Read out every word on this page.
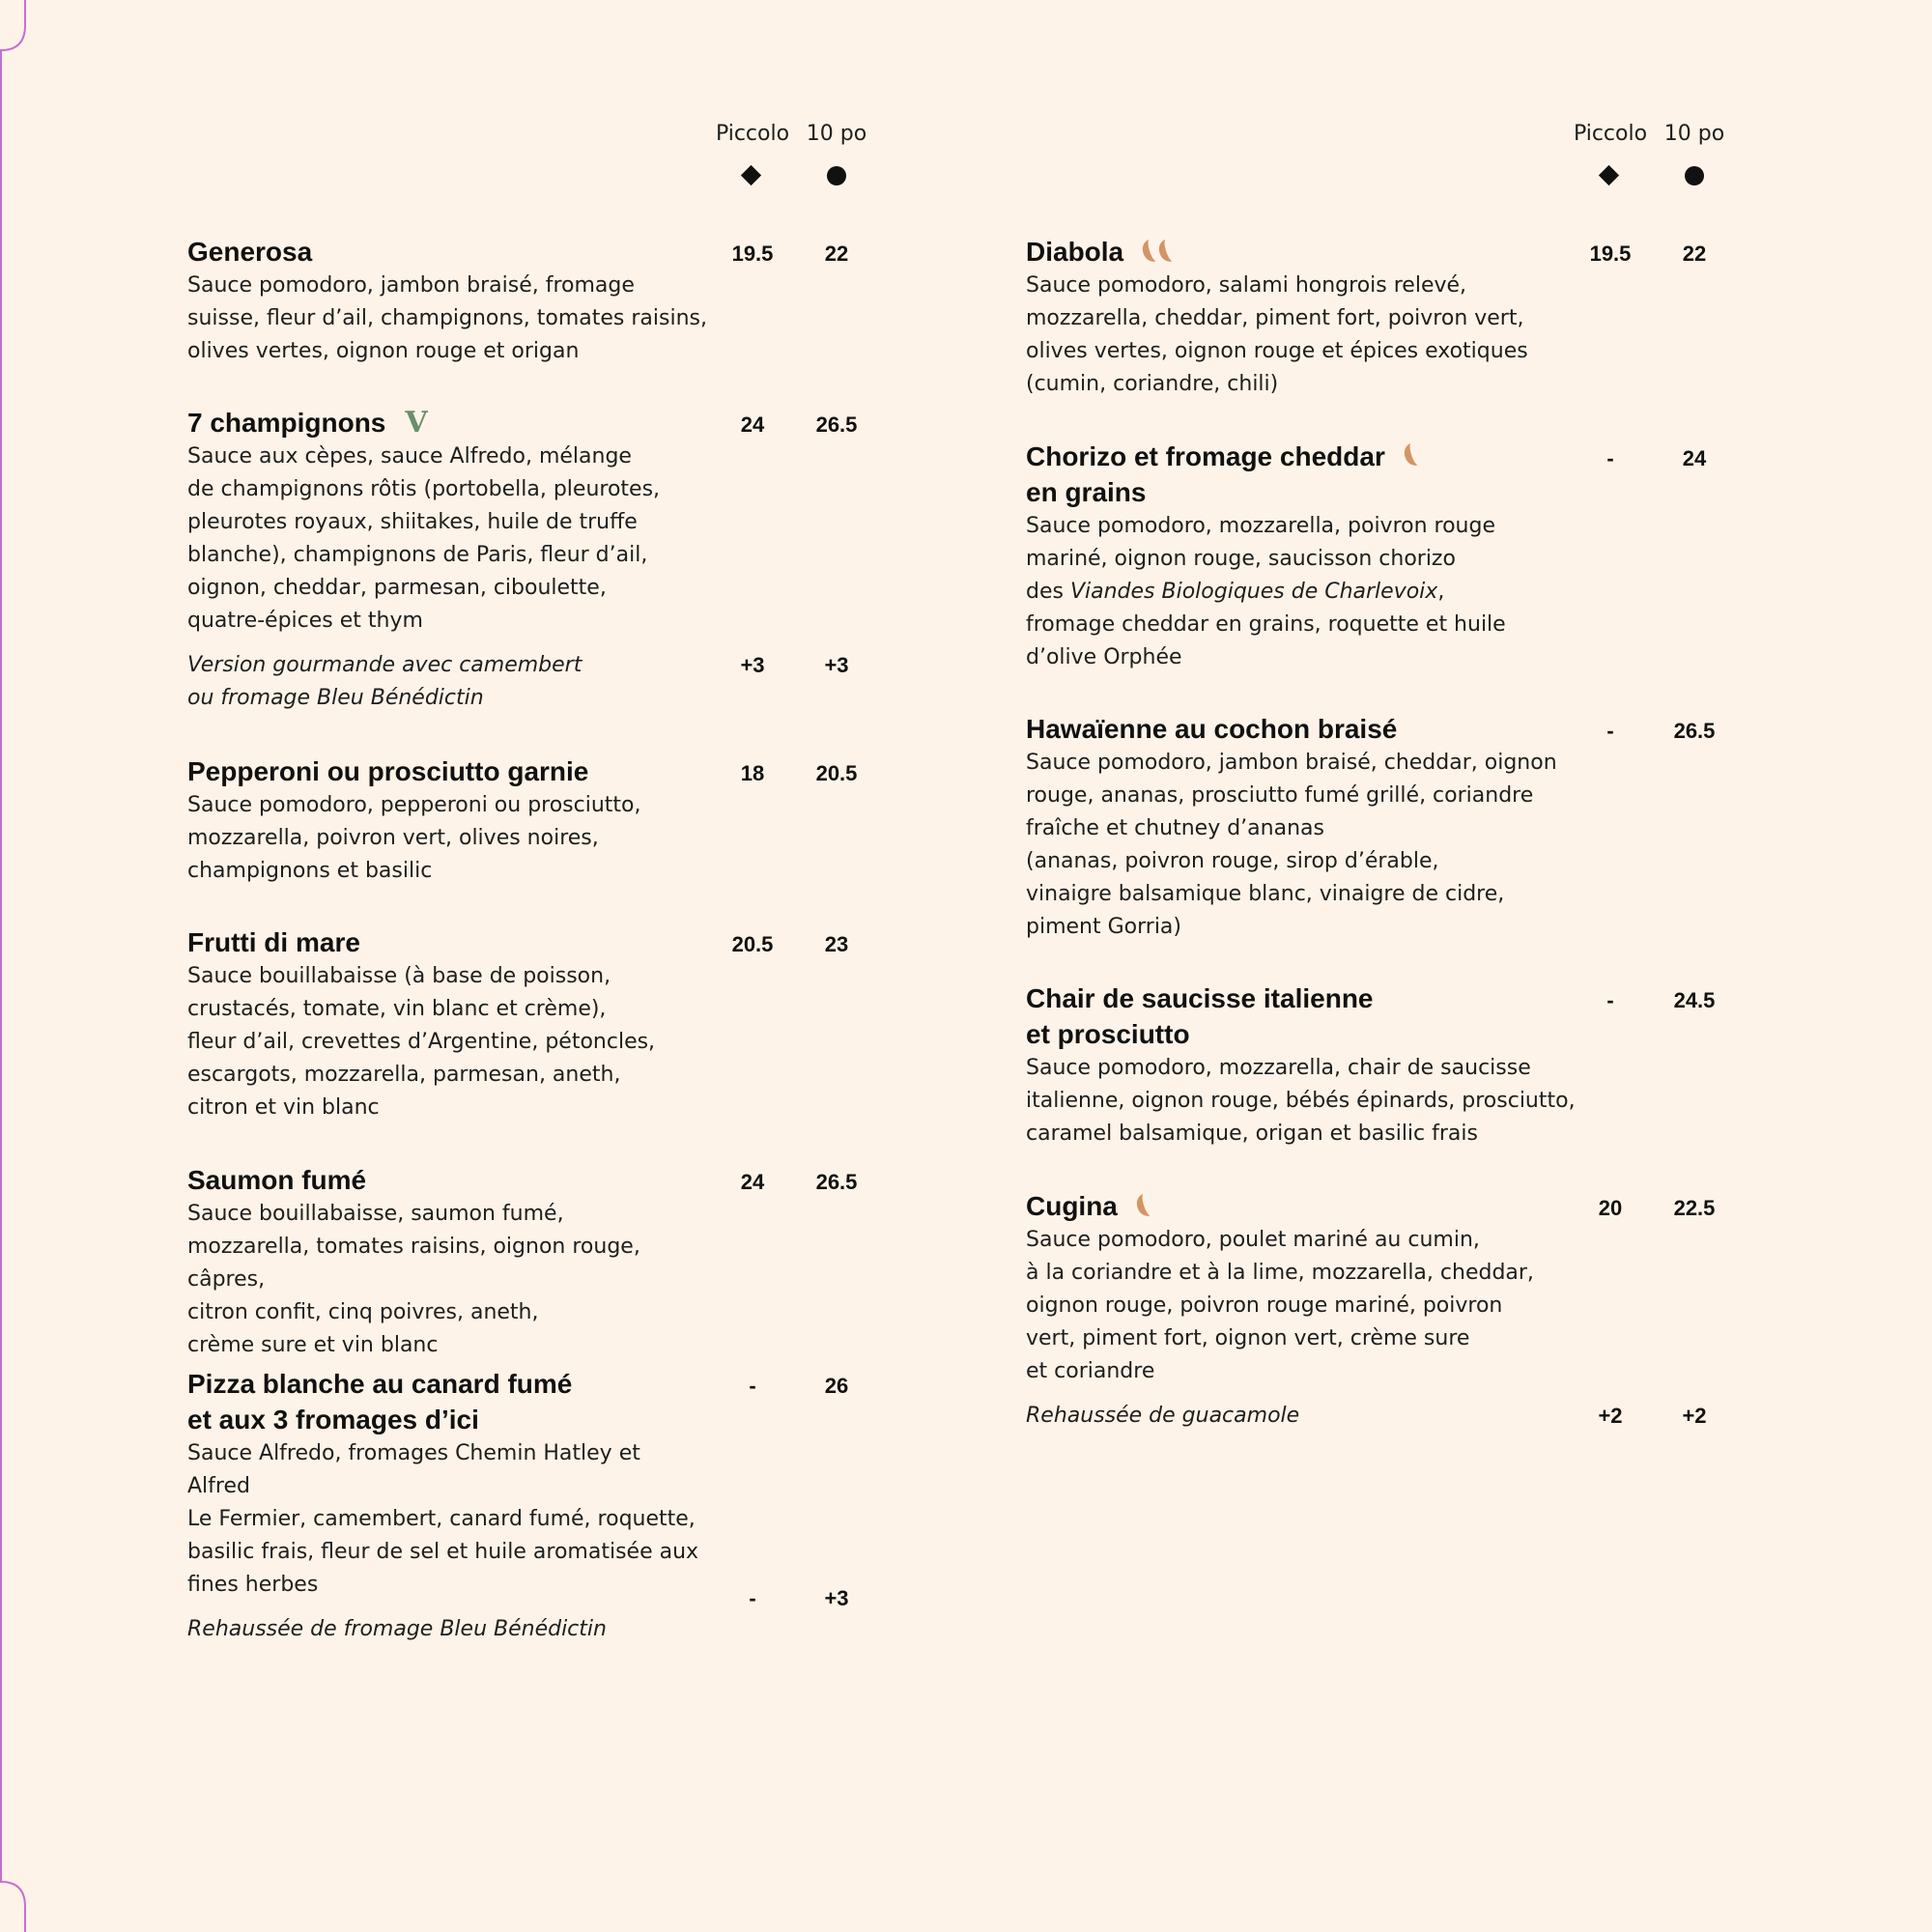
Piccolo 10 po
Generosa	19.5	22
Sauce pomodoro, jambon braisé, fromage
suisse, fleur d’ail, champignons, tomates raisins,
olives vertes, oignon rouge et origan
7 champignons V	24	26.5
Sauce aux cèpes, sauce Alfredo, mélange
de champignons rôtis (portobella, pleurotes,
pleurotes royaux, shiitakes, huile de truffe
blanche), champignons de Paris, fleur d’ail,
oignon, cheddar, parmesan, ciboulette,
quatre-épices et thym
Version gourmande avec camembert
ou fromage Bleu Bénédictin
+3	+3
Pepperoni ou prosciutto garnie	18	20.5
Sauce pomodoro, pepperoni ou prosciutto,
mozzarella, poivron vert, olives noires,
champignons et basilic
Frutti di mare	20.5	23
Sauce bouillabaisse (à base de poisson,
crustacés, tomate, vin blanc et crème),
fleur d’ail, crevettes d’Argentine, pétoncles,
escargots, mozzarella, parmesan, aneth,
citron et vin blanc
Saumon fumé	24	26.5
Sauce bouillabaisse, saumon fumé,
mozzarella, tomates raisins, oignon rouge, câpres,
citron confit, cinq poivres, aneth,
crème sure et vin blanc
Pizza blanche au canard fumé
et aux 3 fromages d’ici
-	26
Sauce Alfredo, fromages Chemin Hatley et Alfred
Le Fermier, camembert, canard fumé, roquette,
basilic frais, fleur de sel et huile aromatisée aux
fines herbes
Rehaussée de fromage Bleu Bénédictin
-	+3
Piccolo 10 po
Diabola	19.5	22
Sauce pomodoro, salami hongrois relevé,
mozzarella, cheddar, piment fort, poivron vert,
olives vertes, oignon rouge et épices exotiques
(cumin, coriandre, chili)
Chorizo et fromage cheddar
en grains
-	24
Sauce pomodoro, mozzarella, poivron rouge
mariné, oignon rouge, saucisson chorizo
des Viandes Biologiques de Charlevoix,
fromage cheddar en grains, roquette et huile
d’olive Orphée
Hawaïenne au cochon braisé	-	26.5
Sauce pomodoro, jambon braisé, cheddar, oignon
rouge, ananas, prosciutto fumé grillé, coriandre
fraîche et chutney d’ananas
(ananas, poivron rouge, sirop d’érable,
vinaigre balsamique blanc, vinaigre de cidre,
piment Gorria)
Chair de saucisse italienne
et prosciutto
-	24.5
Sauce pomodoro, mozzarella, chair de saucisse
italienne, oignon rouge, bébés épinards, prosciutto,
caramel balsamique, origan et basilic frais
Cugina	20	22.5
Sauce pomodoro, poulet mariné au cumin,
à la coriandre et à la lime, mozzarella, cheddar,
oignon rouge, poivron rouge mariné, poivron
vert, piment fort, oignon vert, crème sure
et coriandre
Rehaussée de guacamole	+2	+2
